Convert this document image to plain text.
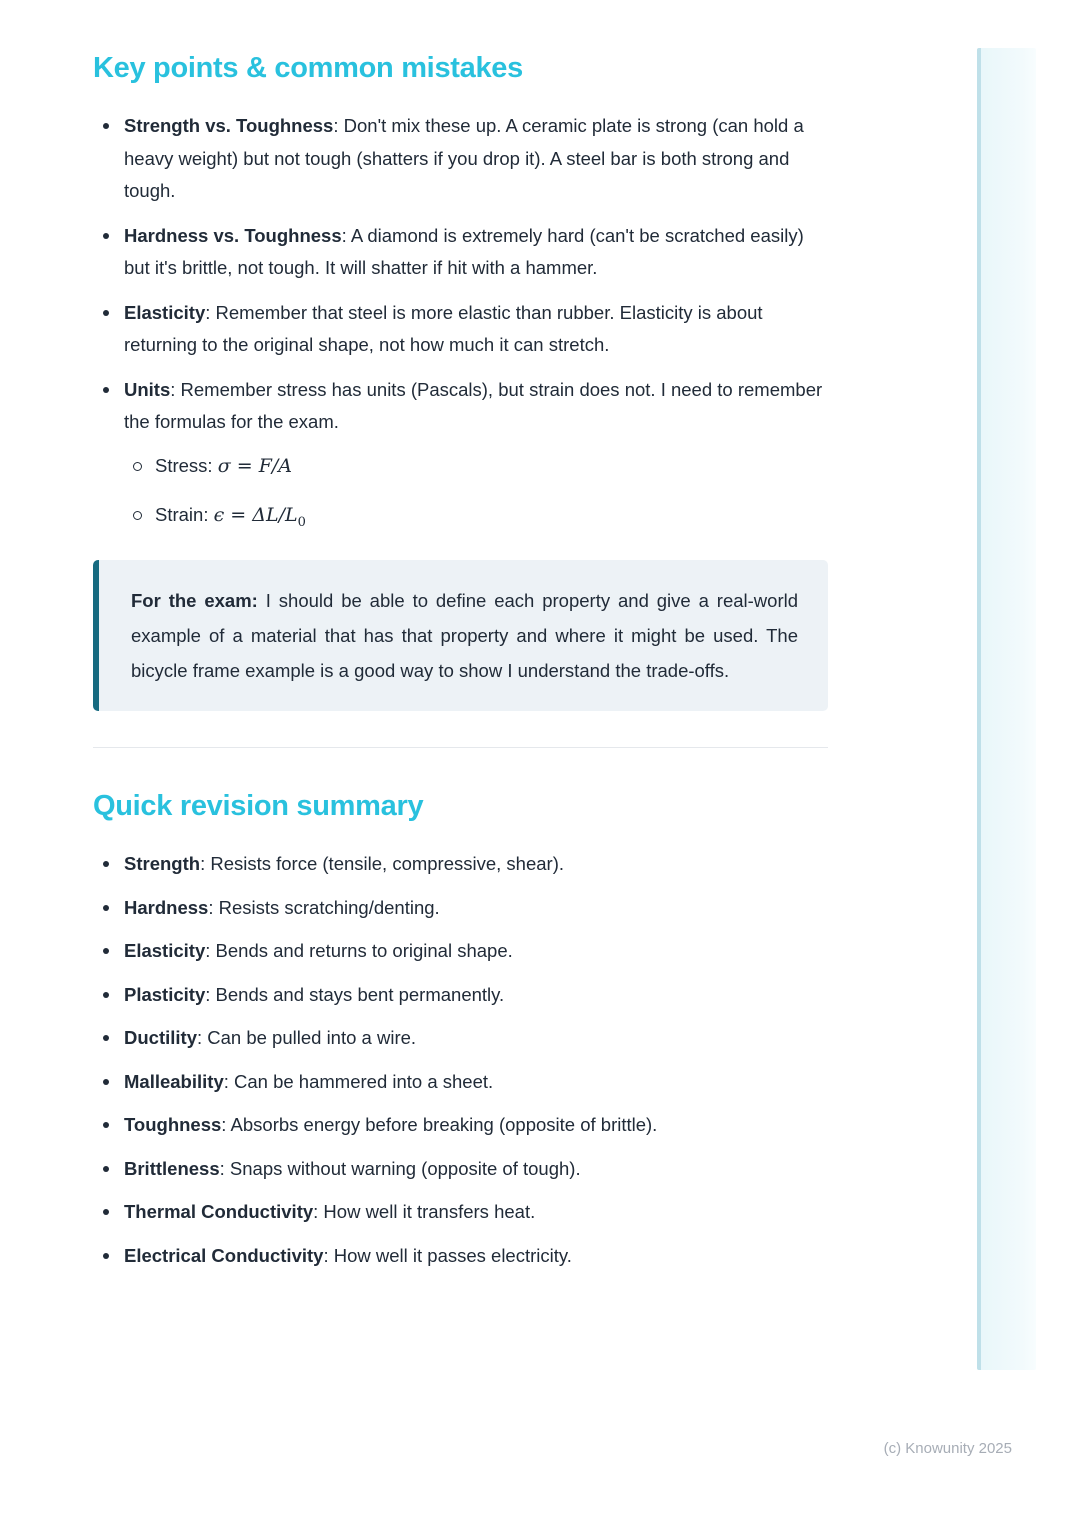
Key points & common mistakes
Strength vs. Toughness: Don't mix these up. A ceramic plate is strong (can hold a heavy weight) but not tough (shatters if you drop it). A steel bar is both strong and tough.
Hardness vs. Toughness: A diamond is extremely hard (can't be scratched easily) but it's brittle, not tough. It will shatter if hit with a hammer.
Elasticity: Remember that steel is more elastic than rubber. Elasticity is about returning to the original shape, not how much it can stretch.
Units: Remember stress has units (Pascals), but strain does not. I need to remember the formulas for the exam.
Stress: σ = F/A
Strain: $\epsilon = \Delta L/L_0$

For the exam: I should be able to define each property and give a real-world example of a material that has that property and where it might be used. The bicycle frame example is a good way to show I understand the trade-offs.

Quick revision summary
Strength: Resists force (tensile, compressive, shear).
Hardness: Resists scratching/denting.
Elasticity: Bends and returns to original shape.
Plasticity: Bends and stays bent permanently.
Ductility: Can be pulled into a wire.
Malleability: Can be hammered into a sheet.
Toughness: Absorbs energy before breaking (opposite of brittle).
Brittleness: Snaps without warning (opposite of tough).
Thermal Conductivity: How well it transfers heat.
Electrical Conductivity: How well it passes electricity.
(c) Knowunity 2025
